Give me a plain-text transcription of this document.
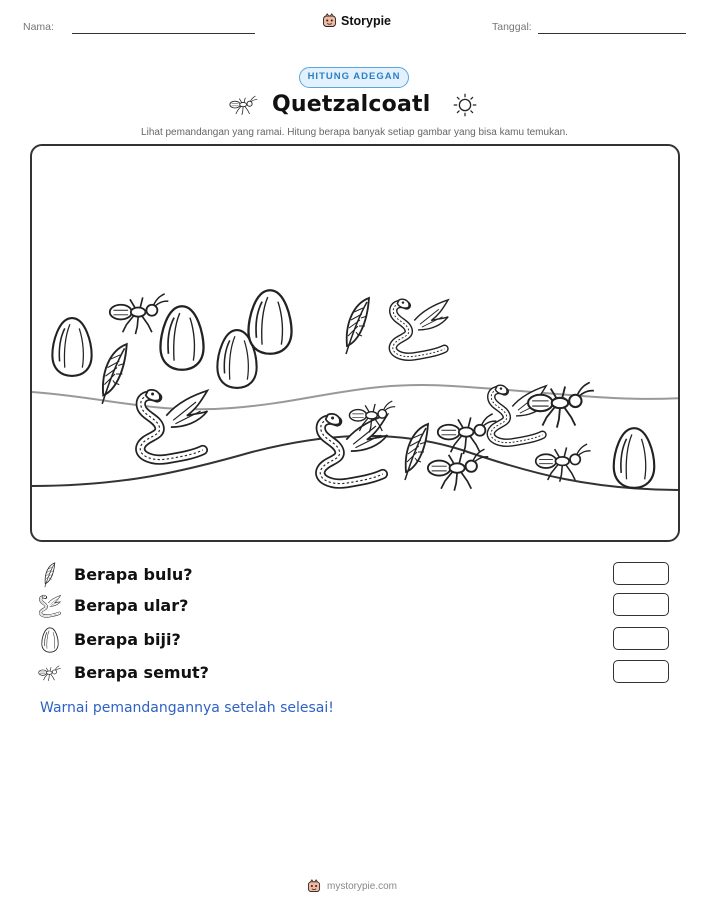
Nama:	Storypie	Tanggal:
HITUNG ADEGAN
Quetzalcoatl
Lihat pemandangan yang ramai. Hitung berapa banyak setiap gambar yang bisa kamu temukan.
Berapa bulu?
Berapa ular?
Berapa biji?
Berapa semut?
Warnai pemandangannya setelah selesai!
mystorypie.com
